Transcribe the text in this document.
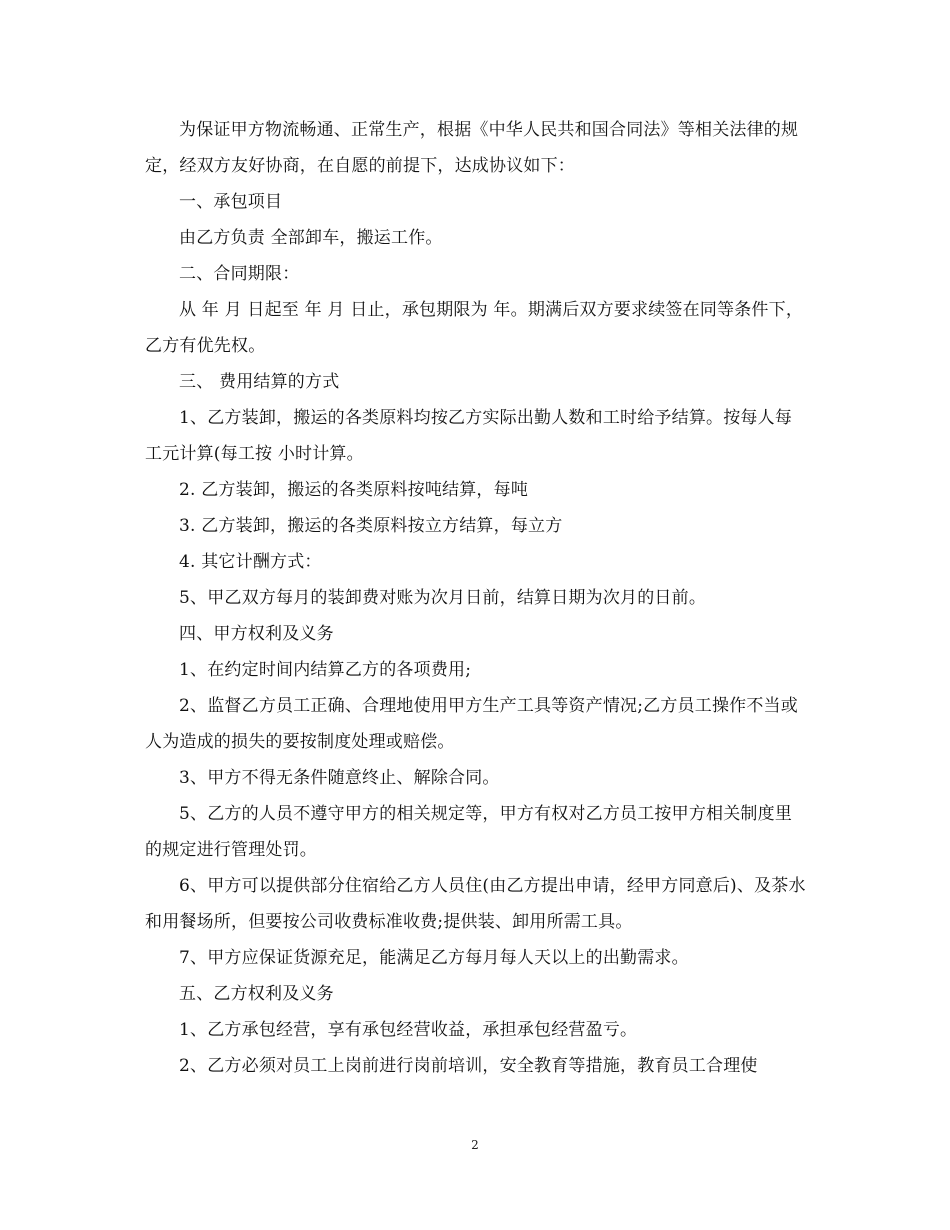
为保证甲方物流畅通、正常生产，根据《中华人民共和国合同法》等相关法律的规定，经双方友好协商，在自愿的前提下，达成协议如下：

一、承包项目

由乙方负责 全部卸车，搬运工作。

二、合同期限：

从 年 月 日起至 年 月 日止，承包期限为 年。期满后双方要求续签在同等条件下，乙方有优先权。

三、 费用结算的方式

1、乙方装卸，搬运的各类原料均按乙方实际出勤人数和工时给予结算。按每人每工元计算(每工按 小时计算。

2. 乙方装卸，搬运的各类原料按吨结算，每吨

3. 乙方装卸，搬运的各类原料按立方结算，每立方

4. 其它计酬方式：

5、甲乙双方每月的装卸费对账为次月日前，结算日期为次月的日前。

四、甲方权利及义务

1、在约定时间内结算乙方的各项费用;

2、监督乙方员工正确、合理地使用甲方生产工具等资产情况;乙方员工操作不当或人为造成的损失的要按制度处理或赔偿。

3、甲方不得无条件随意终止、解除合同。

5、乙方的人员不遵守甲方的相关规定等，甲方有权对乙方员工按甲方相关制度里的规定进行管理处罚。

6、甲方可以提供部分住宿给乙方人员住(由乙方提出申请，经甲方同意后)、及茶水和用餐场所，但要按公司收费标准收费;提供装、卸用所需工具。

7、甲方应保证货源充足，能满足乙方每月每人天以上的出勤需求。

五、乙方权利及义务

1、乙方承包经营，享有承包经营收益，承担承包经营盈亏。

2、乙方必须对员工上岗前进行岗前培训，安全教育等措施，教育员工合理使

2
